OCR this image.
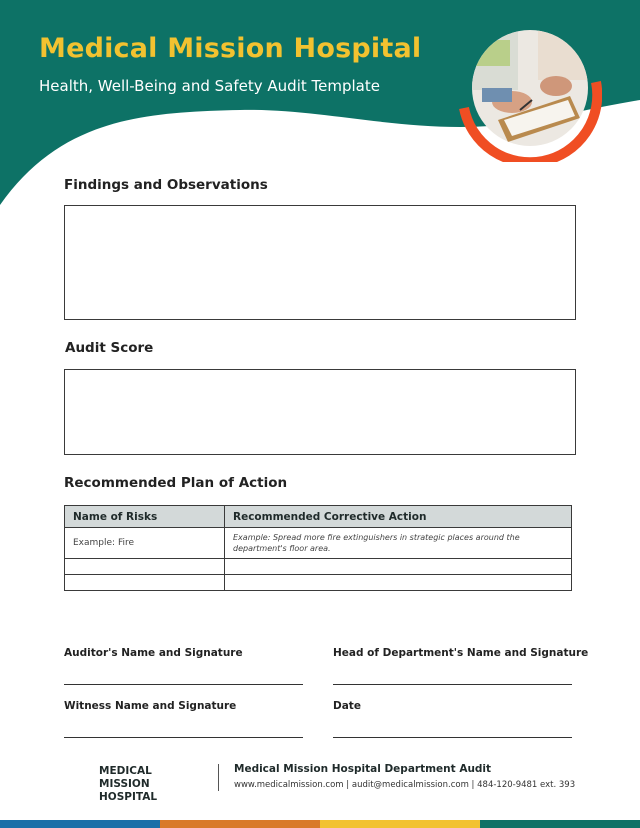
Medical Mission Hospital
Health, Well-Being and Safety Audit Template
Findings and Observations
Audit Score
Recommended Plan of Action
Name of Risks	Recommended Corrective Action
Example: Fire	Example: Spread more fire extinguishers in strategic places around the department's floor area.

Auditor's Name and Signature	Head of Department's Name and Signature
Witness Name and Signature	Date
MEDICAL
MISSION
HOSPITAL
Medical Mission Hospital Department Audit
www.medicalmission.com | audit@medicalmission.com | 484-120-9481 ext. 393
